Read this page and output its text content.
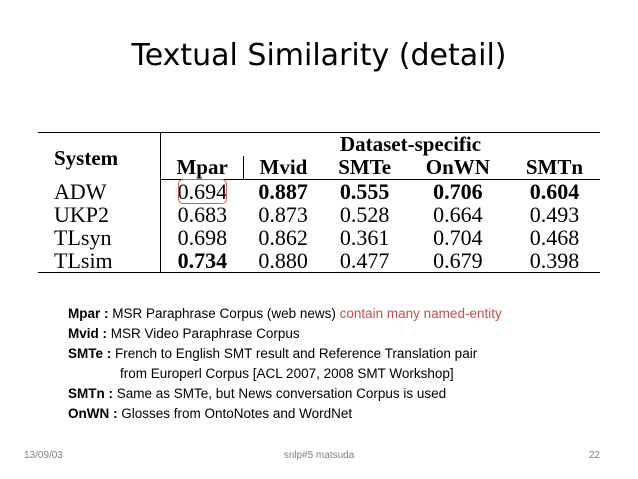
Textual Similarity (detail)
System	Dataset-specific				
	Mpar	Mvid	SMTe	OnWN	SMTn
ADW	0.694	0.887	0.555	0.706	0.604
UKP2	0.683	0.873	0.528	0.664	0.493
TLsyn	0.698	0.862	0.361	0.704	0.468
TLsim	0.734	0.880	0.477	0.679	0.398
Mpar : MSR Paraphrase Corpus (web news) contain many named-entity
Mvid : MSR Video Paraphrase Corpus
SMTe : French to English SMT result and Reference Translation pair
from Europerl Corpus [ACL 2007, 2008 SMT Workshop]
SMTn : Same as SMTe, but News conversation Corpus is used
OnWN : Glosses from OntoNotes and WordNet
13/09/03	snlp#5 matsuda	22
